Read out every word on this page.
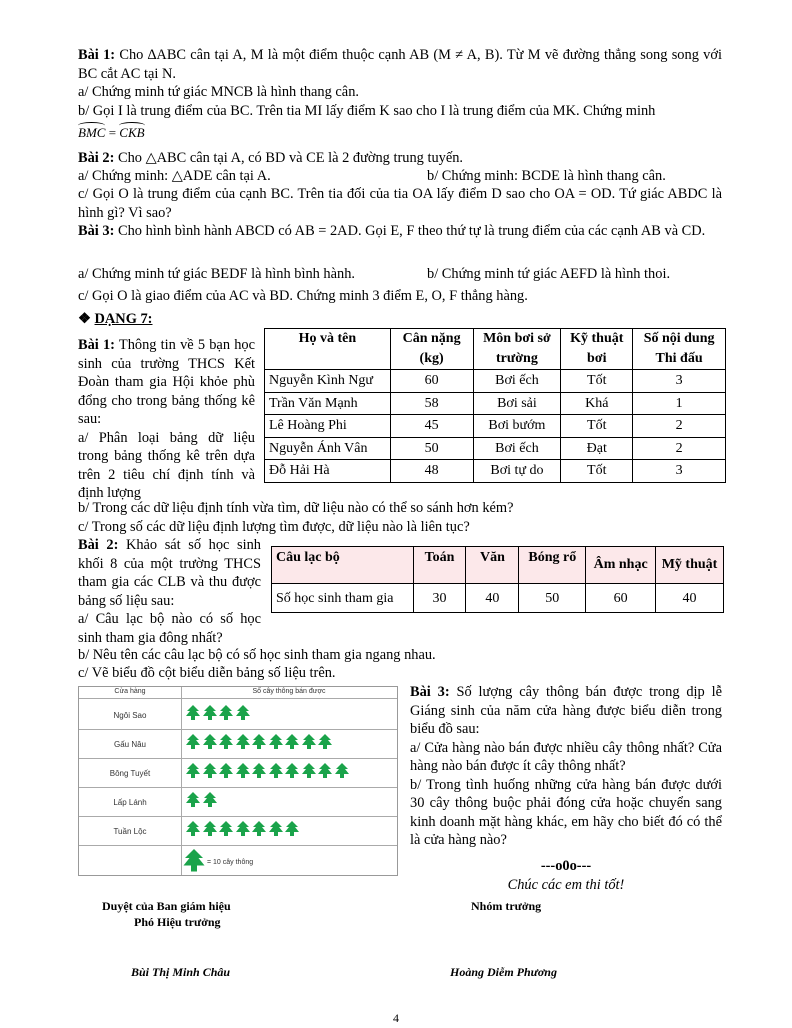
Bài 1: Cho ∆ABC cân tại A, M là một điểm thuộc cạnh AB (M ≠ A, B). Từ M vẽ đường thẳng song song với BC cắt AC tại N.
a/ Chứng minh tứ giác MNCB là hình thang cân.
b/ Gọi I là trung điểm của BC. Trên tia MI lấy điểm K sao cho I là trung điểm của MK. Chứng minh
BMC = CKB
Bài 2: Cho △ABC cân tại A, có BD và CE là 2 đường trung tuyến.
a/ Chứng minh: △ADE cân tại A.	b/ Chứng minh: BCDE là hình thang cân.
c/ Gọi O là trung điểm của cạnh BC. Trên tia đối của tia OA lấy điểm D sao cho OA = OD. Tứ giác ABDC là hình gì? Vì sao?
Bài 3: Cho hình bình hành ABCD có AB = 2AD. Gọi E, F theo thứ tự là trung điểm của các cạnh AB và CD.
a/ Chứng minh tứ giác BEDF là hình bình hành.	b/ Chứng minh tứ giác AEFD là hình thoi.
c/ Gọi O là giao điểm của AC và BD. Chứng minh 3 điểm E, O, F thẳng hàng.
❖ DẠNG 7:
Bài 1: Thông tin về 5 bạn học sinh của trường THCS Kết Đoàn tham gia Hội khỏe phù đổng cho trong bảng thống kê sau:
a/ Phân loại bảng dữ liệu trong bảng thống kê trên dựa trên 2 tiêu chí định tính và định lượng
Họ và tên	Cân nặng (kg)	Môn bơi sở trường	Kỹ thuật bơi	Số nội dung Thi đấu
Nguyễn Kình Ngư	60	Bơi ếch	Tốt	3
Trần Văn Mạnh	58	Bơi sải	Khá	1
Lê Hoàng Phi	45	Bơi bướm	Tốt	2
Nguyễn Ánh Vân	50	Bơi ếch	Đạt	2
Đỗ Hải Hà	48	Bơi tự do	Tốt	3
b/ Trong các dữ liệu định tính vừa tìm, dữ liệu nào có thể so sánh hơn kém?
c/ Trong số các dữ liệu định lượng tìm được, dữ liệu nào là liên tục?
Bài 2: Khảo sát số học sinh khối 8 của một trường THCS tham gia các CLB và thu được bảng số liệu sau:
a/ Câu lạc bộ nào có số học sinh tham gia đông nhất?
Câu lạc bộ	Toán	Văn	Bóng rổ	Âm nhạc	Mỹ thuật
Số học sinh tham gia	30	40	50	60	40
b/ Nêu tên các câu lạc bộ có số học sinh tham gia ngang nhau.
c/ Vẽ biểu đồ cột biểu diễn bảng số liệu trên.
Cửa hàng	Số cây thông bán được
Ngôi Sao
Gấu Nâu
Bông Tuyết
Lấp Lánh
Tuần Lộc
= 10 cây thông
Bài 3: Số lượng cây thông bán được trong dịp lễ Giáng sinh của năm cửa hàng được biểu diễn trong biểu đồ sau:
a/ Cửa hàng nào bán được nhiều cây thông nhất? Cửa hàng nào bán được ít cây thông nhất?
b/ Trong tình huống những cửa hàng bán được dưới 30 cây thông buộc phải đóng cửa hoặc chuyển sang kinh doanh mặt hàng khác, em hãy cho biết đó có thể là cửa hàng nào?
---o0o---
Chúc các em thi tốt!
Duyệt của Ban giám hiệu
Phó Hiệu trưởng
Nhóm trưởng
Bùi Thị Minh Châu	Hoàng Diễm Phương
4
